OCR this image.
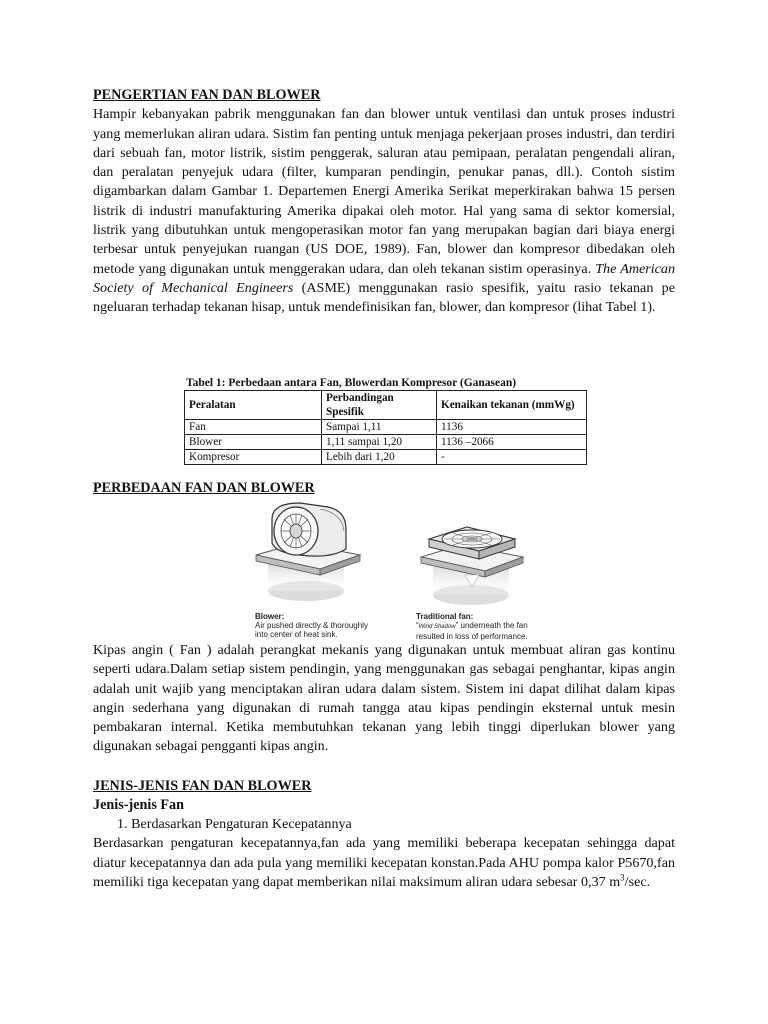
PENGERTIAN FAN DAN BLOWER

Hampir kebanyakan pabrik menggunakan fan dan blower untuk ventilasi dan untuk proses industri yang memerlukan aliran udara. Sistim fan penting untuk menjaga pekerjaan proses industri, dan terdiri dari sebuah fan, motor listrik, sistim penggerak, saluran atau pemipaan, peralatan pengendali aliran, dan peralatan penyejuk udara (filter, kumparan pendingin, penukar panas, dll.). Contoh sistim digambarkan dalam Gambar 1. Departemen Energi Amerika Serikat meperkirakan bahwa 15 persen listrik di industri manufakturing Amerika dipakai oleh motor. Hal yang sama di sektor komersial, listrik yang dibutuhkan untuk mengoperasikan motor fan yang merupakan bagian dari biaya energi terbesar untuk penyejukan ruangan (US DOE, 1989). Fan, blower dan kompresor dibedakan oleh metode yang digunakan untuk menggerakan udara, dan oleh tekanan sistim operasinya. The American Society of Mechanical Engineers (ASME) menggunakan rasio spesifik, yaitu rasio tekanan pe ngeluaran terhadap tekanan hisap, untuk mendefinisikan fan, blower, dan kompresor (lihat Tabel 1).

Tabel 1: Perbedaan antara Fan, Blowerdan Kompresor (Ganasean)
Peralatan	Perbandingan Spesifik	Kenaikan tekanan (mmWg)
Fan	Sampai 1,11	1136
Blower	1,11 sampai 1,20	1136 –2066
Kompresor	Lebih dari 1,20	-
PERBEDAAN FAN DAN BLOWER
Blower:
Air pushed directly & thoroughly
into center of heat sink.
Traditional fan:
“Wind Shadow” underneath the fan
resulted in loss of performance.

Kipas angin ( Fan ) adalah perangkat mekanis yang digunakan untuk membuat aliran gas kontinu seperti udara.Dalam setiap sistem pendingin, yang menggunakan gas sebagai penghantar, kipas angin adalah unit wajib yang menciptakan aliran udara dalam sistem. Sistem ini dapat dilihat dalam kipas angin sederhana yang digunakan di rumah tangga atau kipas pendingin eksternal untuk mesin pembakaran internal. Ketika membutuhkan tekanan yang lebih tinggi diperlukan blower yang digunakan sebagai pengganti kipas angin.

JENIS-JENIS FAN DAN BLOWER

Jenis-jenis Fan

1. Berdasarkan Pengaturan Kecepatannya

Berdasarkan pengaturan kecepatannya,fan ada yang memiliki beberapa kecepatan sehingga dapat diatur kecepatannya dan ada pula yang memiliki kecepatan konstan.Pada AHU pompa kalor P5670,fan memiliki tiga kecepatan yang dapat memberikan nilai maksimum aliran udara sebesar 0,37 $m^3/\sec$.
